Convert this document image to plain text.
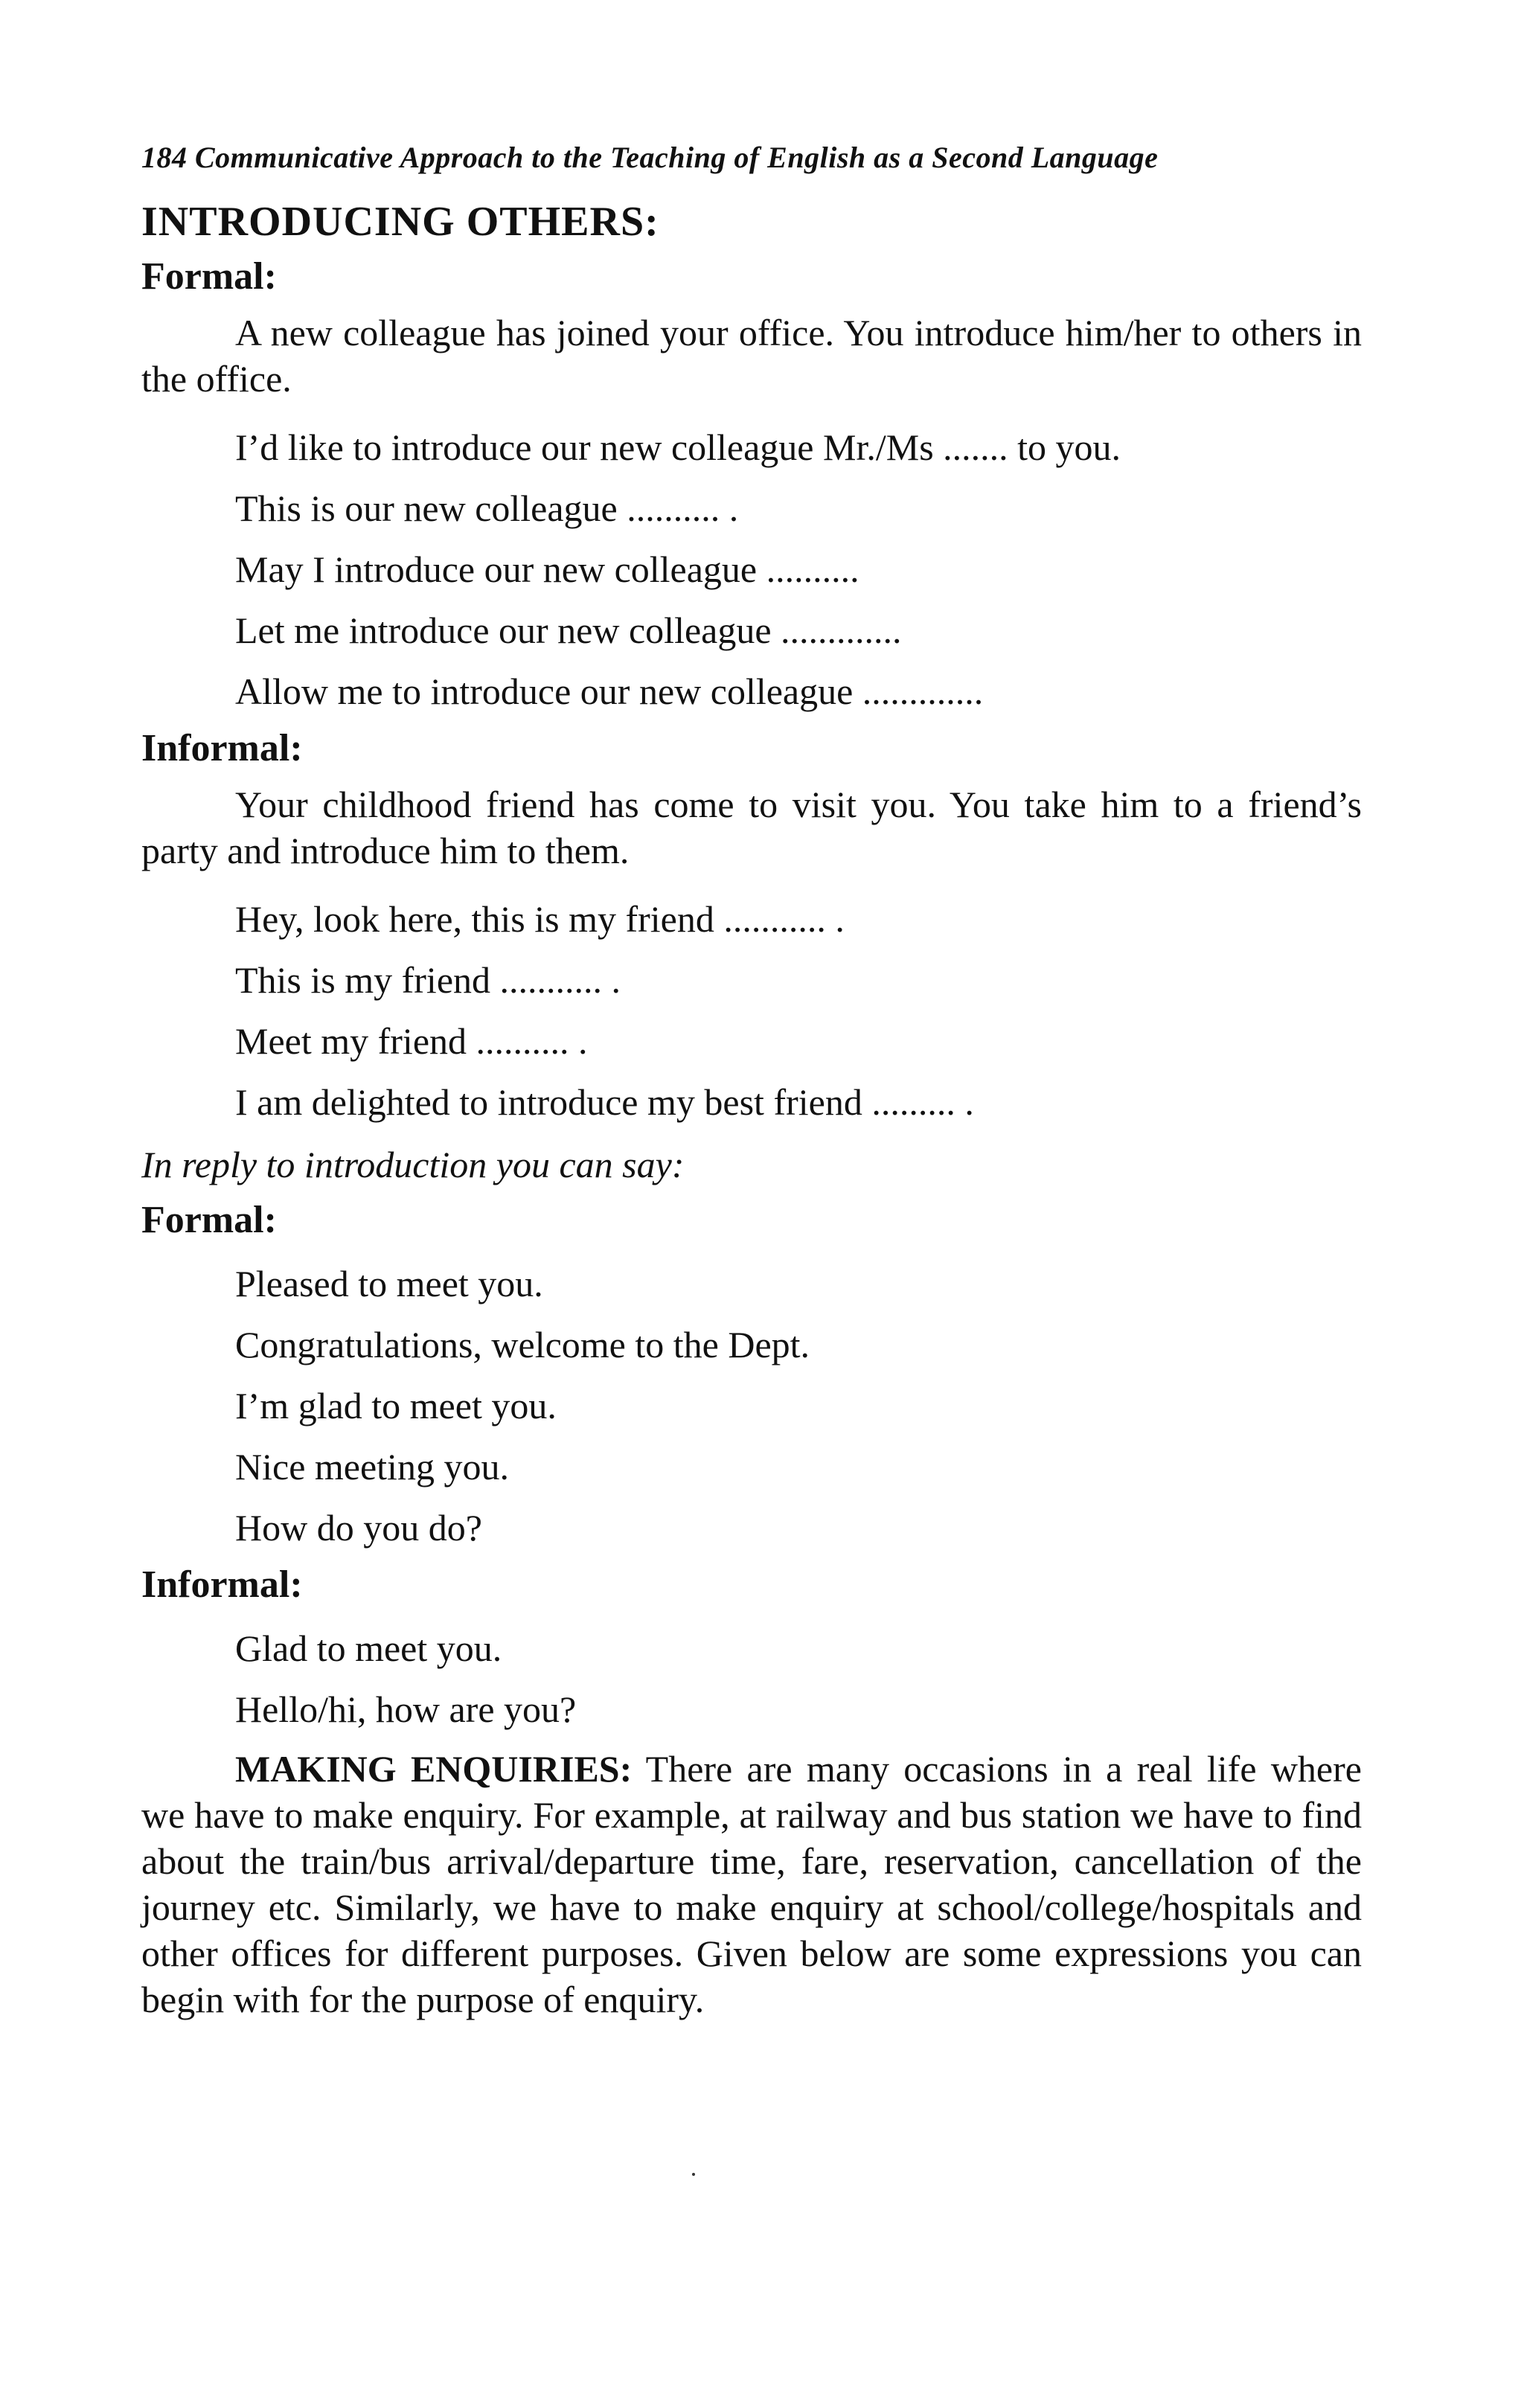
184 Communicative Approach to the Teaching of English as a Second Language
INTRODUCING OTHERS:
Formal:

A new colleague has joined your office. You introduce him/her to others in the office.

I’d like to introduce our new colleague Mr./Ms ....... to you.
This is our new colleague .......... .
May I introduce our new colleague ..........
Let me introduce our new colleague .............
Allow me to introduce our new colleague .............
Informal:

Your childhood friend has come to visit you. You take him to a friend’s party and introduce him to them.

Hey, look here, this is my friend ........... .
This is my friend ........... .
Meet my friend .......... .
I am delighted to introduce my best friend ......... .

In reply to introduction you can say:

Formal:
Pleased to meet you.
Congratulations, welcome to the Dept.
I’m glad to meet you.
Nice meeting you.
How do you do?
Informal:
Glad to meet you.
Hello/hi, how are you?

MAKING ENQUIRIES: There are many occasions in a real life where we have to make enquiry. For example, at railway and bus station we have to find about the train/bus arrival/departure time, fare, reservation, cancellation of the journey etc. Similarly, we have to make enquiry at school/college/hospitals and other offices for different purposes. Given below are some expressions you can begin with for the purpose of enquiry.
